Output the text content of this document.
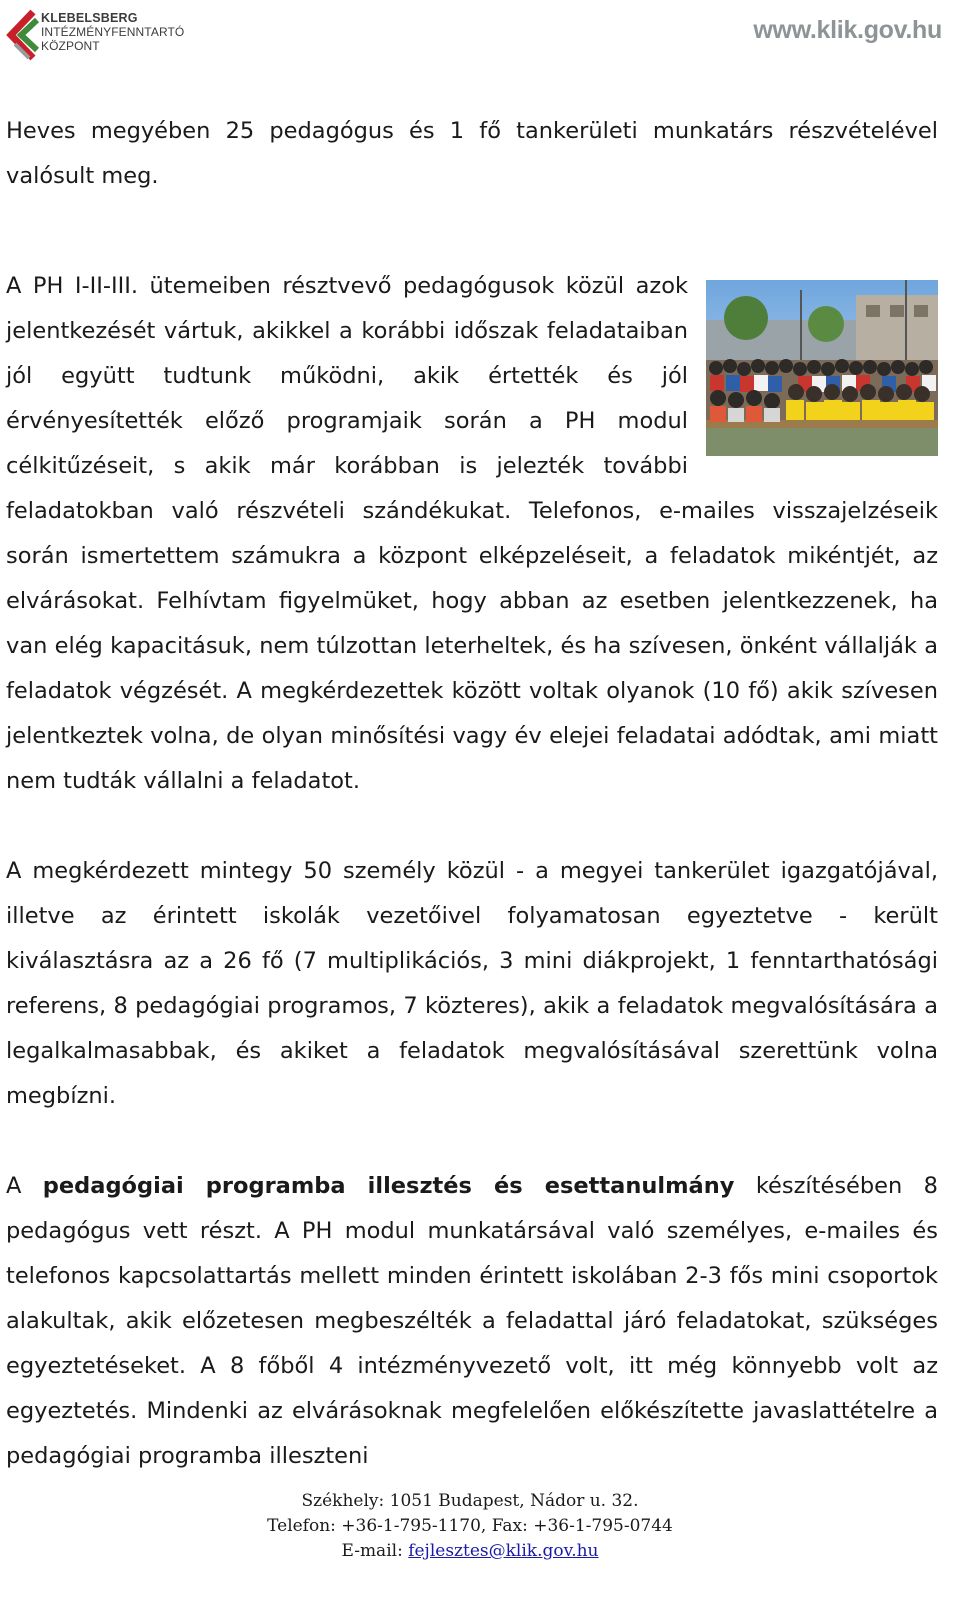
KLEBELSBERG
INTÉZMÉNYFENNTARTÓ
KÖZPONT
www.klik.gov.hu

Heves megyében 25 pedagógus és 1 fő tankerületi munkatárs részvételével valósult meg.

A PH I-II-III. ütemeiben résztvevő pedagógusok közül azok jelentkezését vártuk, akikkel a korábbi időszak feladataiban jól együtt tudtunk működni, akik értették és jól érvényesítették előző programjaik során a PH modul célkitűzéseit, s akik már korábban is jelezték további feladatokban való részvételi szándékukat. Telefonos, e-mailes visszajelzéseik során ismertettem számukra a központ elképzeléseit, a feladatok mikéntjét, az elvárásokat. Felhívtam figyelmüket, hogy abban az esetben jelentkezzenek, ha van elég kapacitásuk, nem túlzottan leterheltek, és ha szívesen, önként vállalják a feladatok végzését. A megkérdezettek között voltak olyanok (10 fő) akik szívesen jelentkeztek volna, de olyan minősítési vagy év elejei feladatai adódtak, ami miatt nem tudták vállalni a feladatot.

A megkérdezett mintegy 50 személy közül - a megyei tankerület igazgatójával, illetve az érintett iskolák vezetőivel folyamatosan egyeztetve - került kiválasztásra az a 26 fő (7 multiplikációs, 3 mini diákprojekt, 1 fenntarthatósági referens, 8 pedagógiai programos, 7 közteres), akik a feladatok megvalósítására a legalkalmasabbak, és akiket a feladatok megvalósításával szerettünk volna megbízni.

A pedagógiai programba illesztés és esettanulmány készítésében 8 pedagógus vett részt. A PH modul munkatársával való személyes, e-mailes és telefonos kapcsolattartás mellett minden érintett iskolában 2-3 fős mini csoportok alakultak, akik előzetesen megbeszélték a feladattal járó feladatokat, szükséges egyeztetéseket. A 8 főből 4 intézményvezető volt, itt még könnyebb volt az egyeztetés. Mindenki az elvárásoknak megfelelően előkészítette javaslattételre a pedagógiai programba illeszteni

Székhely: 1051 Budapest, Nádor u. 32.
Telefon: +36-1-795-1170, Fax: +36-1-795-0744
E-mail: fejlesztes@klik.gov.hu
